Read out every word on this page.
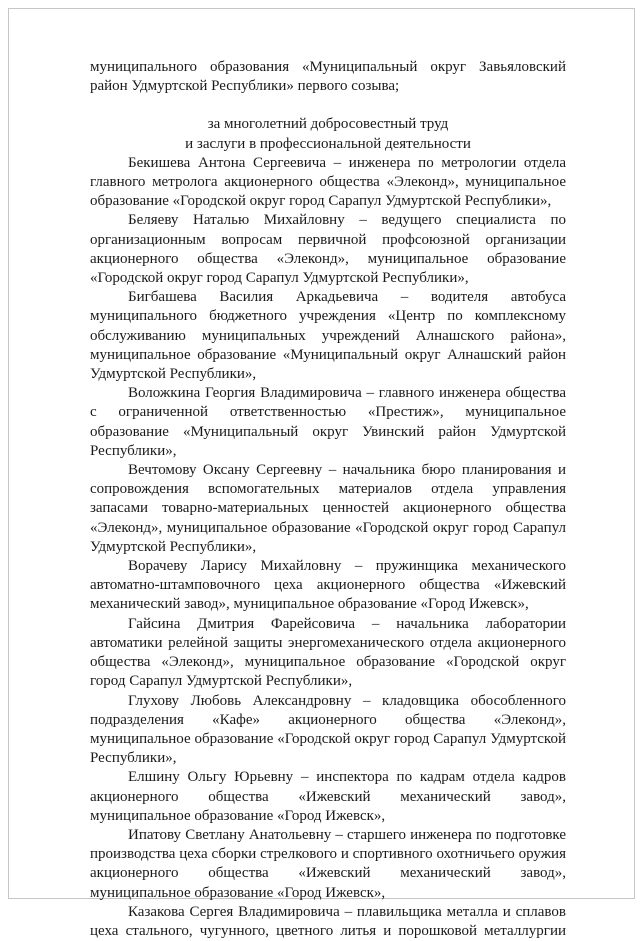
муниципального образования «Муниципальный округ Завьяловский район Удмуртской Республики» первого созыва;
за многолетний добросовестный труд
и заслуги в профессиональной деятельности
Бекишева Антона Сергеевича – инженера по метрологии отдела главного метролога акционерного общества «Элеконд», муниципальное образование «Городской округ город Сарапул Удмуртской Республики»,
Беляеву Наталью Михайловну – ведущего специалиста по организационным вопросам первичной профсоюзной организации акционерного общества «Элеконд», муниципальное образование «Городской округ город Сарапул Удмуртской Республики»,
Бигбашева Василия Аркадьевича – водителя автобуса муниципального бюджетного учреждения «Центр по комплексному обслуживанию муниципальных учреждений Алнашского района», муниципальное образование «Муниципальный округ Алнашский район Удмуртской Республики»,
Воложкина Георгия Владимировича – главного инженера общества с ограниченной ответственностью «Престиж», муниципальное образование «Муниципальный округ Увинский район Удмуртской Республики»,
Вечтомову Оксану Сергеевну – начальника бюро планирования и сопровождения вспомогательных материалов отдела управления запасами товарно-материальных ценностей акционерного общества «Элеконд», муниципальное образование «Городской округ город Сарапул Удмуртской Республики»,
Ворачеву Ларису Михайловну – пружинщика механического автоматно-штамповочного цеха акционерного общества «Ижевский механический завод», муниципальное образование «Город Ижевск»,
Гайсина Дмитрия Фарейсовича – начальника лаборатории автоматики релейной защиты энергомеханического отдела акционерного общества «Элеконд», муниципальное образование «Городской округ город Сарапул Удмуртской Республики»,
Глухову Любовь Александровну – кладовщика обособленного подразделения «Кафе» акционерного общества «Элеконд», муниципальное образование «Городской округ город Сарапул Удмуртской Республики»,
Елшину Ольгу Юрьевну – инспектора по кадрам отдела кадров акционерного общества «Ижевский механический завод», муниципальное образование «Город Ижевск»,
Ипатову Светлану Анатольевну – старшего инженера по подготовке производства цеха сборки стрелкового и спортивного охотничьего оружия акционерного общества «Ижевский механический завод», муниципальное образование «Город Ижевск»,
Казакова Сергея Владимировича – плавильщика металла и сплавов цеха стального, чугунного, цветного литья и порошковой металлургии
